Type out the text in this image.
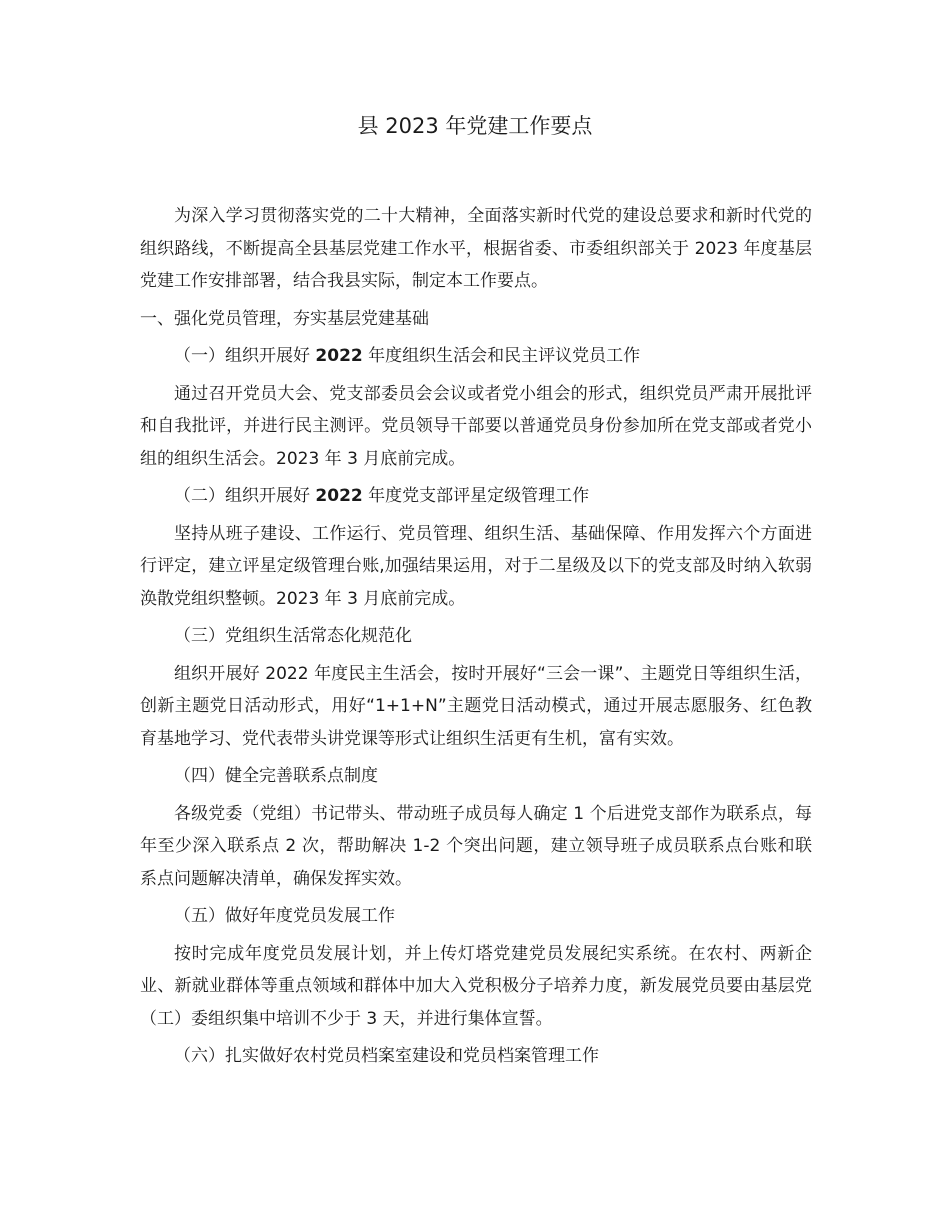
县 2023 年党建工作要点

为深入学习贯彻落实党的二十大精神，全面落实新时代党的建设总要求和新时代党的组织路线，不断提高全县基层党建工作水平，根据省委、市委组织部关于 2023 年度基层党建工作安排部署，结合我县实际，制定本工作要点。

一、强化党员管理，夯实基层党建基础

（一）组织开展好 2022 年度组织生活会和民主评议党员工作

通过召开党员大会、党支部委员会会议或者党小组会的形式，组织党员严肃开展批评和自我批评，并进行民主测评。党员领导干部要以普通党员身份参加所在党支部或者党小组的组织生活会。2023 年 3 月底前完成。

（二）组织开展好 2022 年度党支部评星定级管理工作

坚持从班子建设、工作运行、党员管理、组织生活、基础保障、作用发挥六个方面进行评定，建立评星定级管理台账,加强结果运用，对于二星级及以下的党支部及时纳入软弱涣散党组织整顿。2023 年 3 月底前完成。

（三）党组织生活常态化规范化

组织开展好 2022 年度民主生活会，按时开展好“三会一课”、主题党日等组织生活，创新主题党日活动形式，用好“1+1+N”主题党日活动模式，通过开展志愿服务、红色教育基地学习、党代表带头讲党课等形式让组织生活更有生机，富有实效。

（四）健全完善联系点制度

各级党委（党组）书记带头、带动班子成员每人确定 1 个后进党支部作为联系点，每年至少深入联系点 2 次，帮助解决 1-2 个突出问题，建立领导班子成员联系点台账和联系点问题解决清单，确保发挥实效。

（五）做好年度党员发展工作

按时完成年度党员发展计划，并上传灯塔党建党员发展纪实系统。在农村、两新企业、新就业群体等重点领域和群体中加大入党积极分子培养力度，新发展党员要由基层党（工）委组织集中培训不少于 3 天，并进行集体宣誓。

（六）扎实做好农村党员档案室建设和党员档案管理工作
